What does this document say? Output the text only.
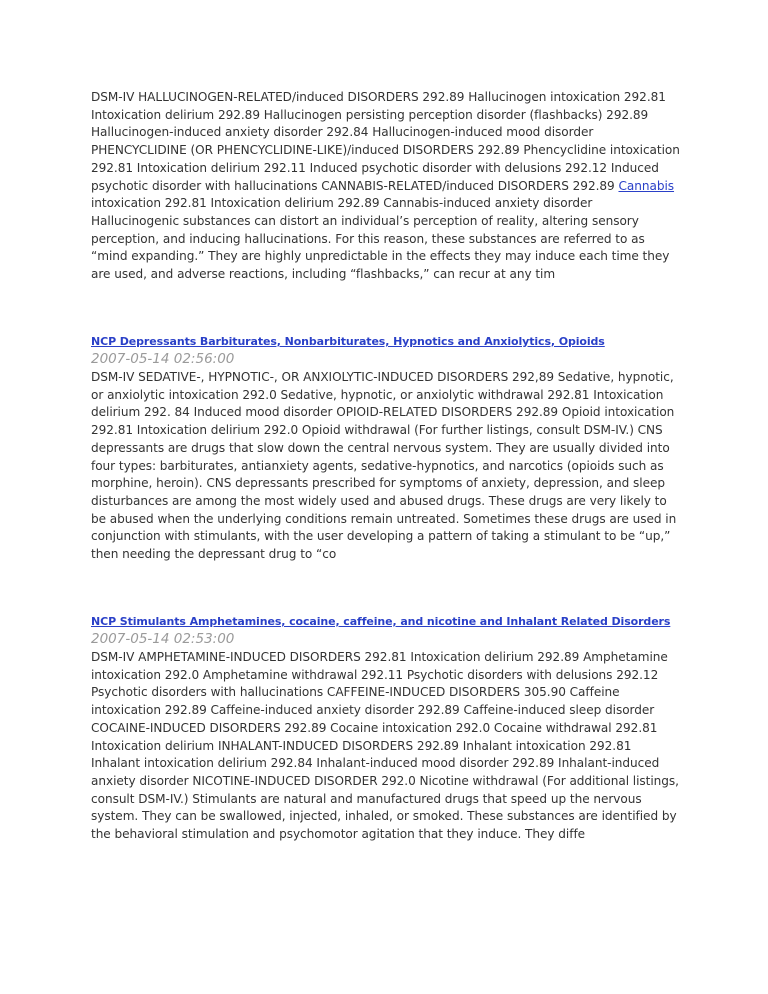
DSM-IV HALLUCINOGEN-RELATED/induced DISORDERS 292.89 Hallucinogen intoxication 292.81 Intoxication delirium 292.89 Hallucinogen persisting perception disorder (flashbacks) 292.89 Hallucinogen-induced anxiety disorder 292.84 Hallucinogen-induced mood disorder PHENCYCLIDINE (OR PHENCYCLIDINE-LIKE)/induced DISORDERS 292.89 Phencyclidine intoxication 292.81 Intoxication delirium 292.11 Induced psychotic disorder with delusions 292.12 Induced psychotic disorder with hallucinations CANNABIS-RELATED/induced DISORDERS 292.89 Cannabis intoxication 292.81 Intoxication delirium 292.89 Cannabis-induced anxiety disorder Hallucinogenic substances can distort an individual’s perception of reality, altering sensory perception, and inducing hallucinations. For this reason, these substances are referred to as “mind expanding.” They are highly unpredictable in the effects they may induce each time they are used, and adverse reactions, including “flashbacks,” can recur at any tim

NCP Depressants Barbiturates, Nonbarbiturates, Hypnotics and Anxiolytics, Opioids
2007-05-14 02:56:00

DSM-IV SEDATIVE-, HYPNOTIC-, OR ANXIOLYTIC-INDUCED DISORDERS 292,89 Sedative, hypnotic, or anxiolytic intoxication 292.0 Sedative, hypnotic, or anxiolytic withdrawal 292.81 Intoxication delirium 292. 84 Induced mood disorder OPIOID-RELATED DISORDERS 292.89 Opioid intoxication 292.81 Intoxication delirium 292.0 Opioid withdrawal (For further listings, consult DSM-IV.) CNS depressants are drugs that slow down the central nervous system. They are usually divided into four types: barbiturates, antianxiety agents, sedative-hypnotics, and narcotics (opioids such as morphine, heroin). CNS depressants prescribed for symptoms of anxiety, depression, and sleep disturbances are among the most widely used and abused drugs. These drugs are very likely to be abused when the underlying conditions remain untreated. Sometimes these drugs are used in conjunction with stimulants, with the user developing a pattern of taking a stimulant to be “up,” then needing the depressant drug to “co

NCP Stimulants Amphetamines, cocaine, caffeine, and nicotine and Inhalant Related Disorders
2007-05-14 02:53:00

DSM-IV AMPHETAMINE-INDUCED DISORDERS 292.81 Intoxication delirium 292.89 Amphetamine intoxication 292.0 Amphetamine withdrawal 292.11 Psychotic disorders with delusions 292.12 Psychotic disorders with hallucinations CAFFEINE-INDUCED DISORDERS 305.90 Caffeine intoxication 292.89 Caffeine-induced anxiety disorder 292.89 Caffeine-induced sleep disorder COCAINE-INDUCED DISORDERS 292.89 Cocaine intoxication 292.0 Cocaine withdrawal 292.81 Intoxication delirium INHALANT-INDUCED DISORDERS 292.89 Inhalant intoxication 292.81 Inhalant intoxication delirium 292.84 Inhalant-induced mood disorder 292.89 Inhalant-induced anxiety disorder NICOTINE-INDUCED DISORDER 292.0 Nicotine withdrawal (For additional listings, consult DSM-IV.) Stimulants are natural and manufactured drugs that speed up the nervous system. They can be swallowed, injected, inhaled, or smoked. These substances are identified by the behavioral stimulation and psychomotor agitation that they induce. They diffe
